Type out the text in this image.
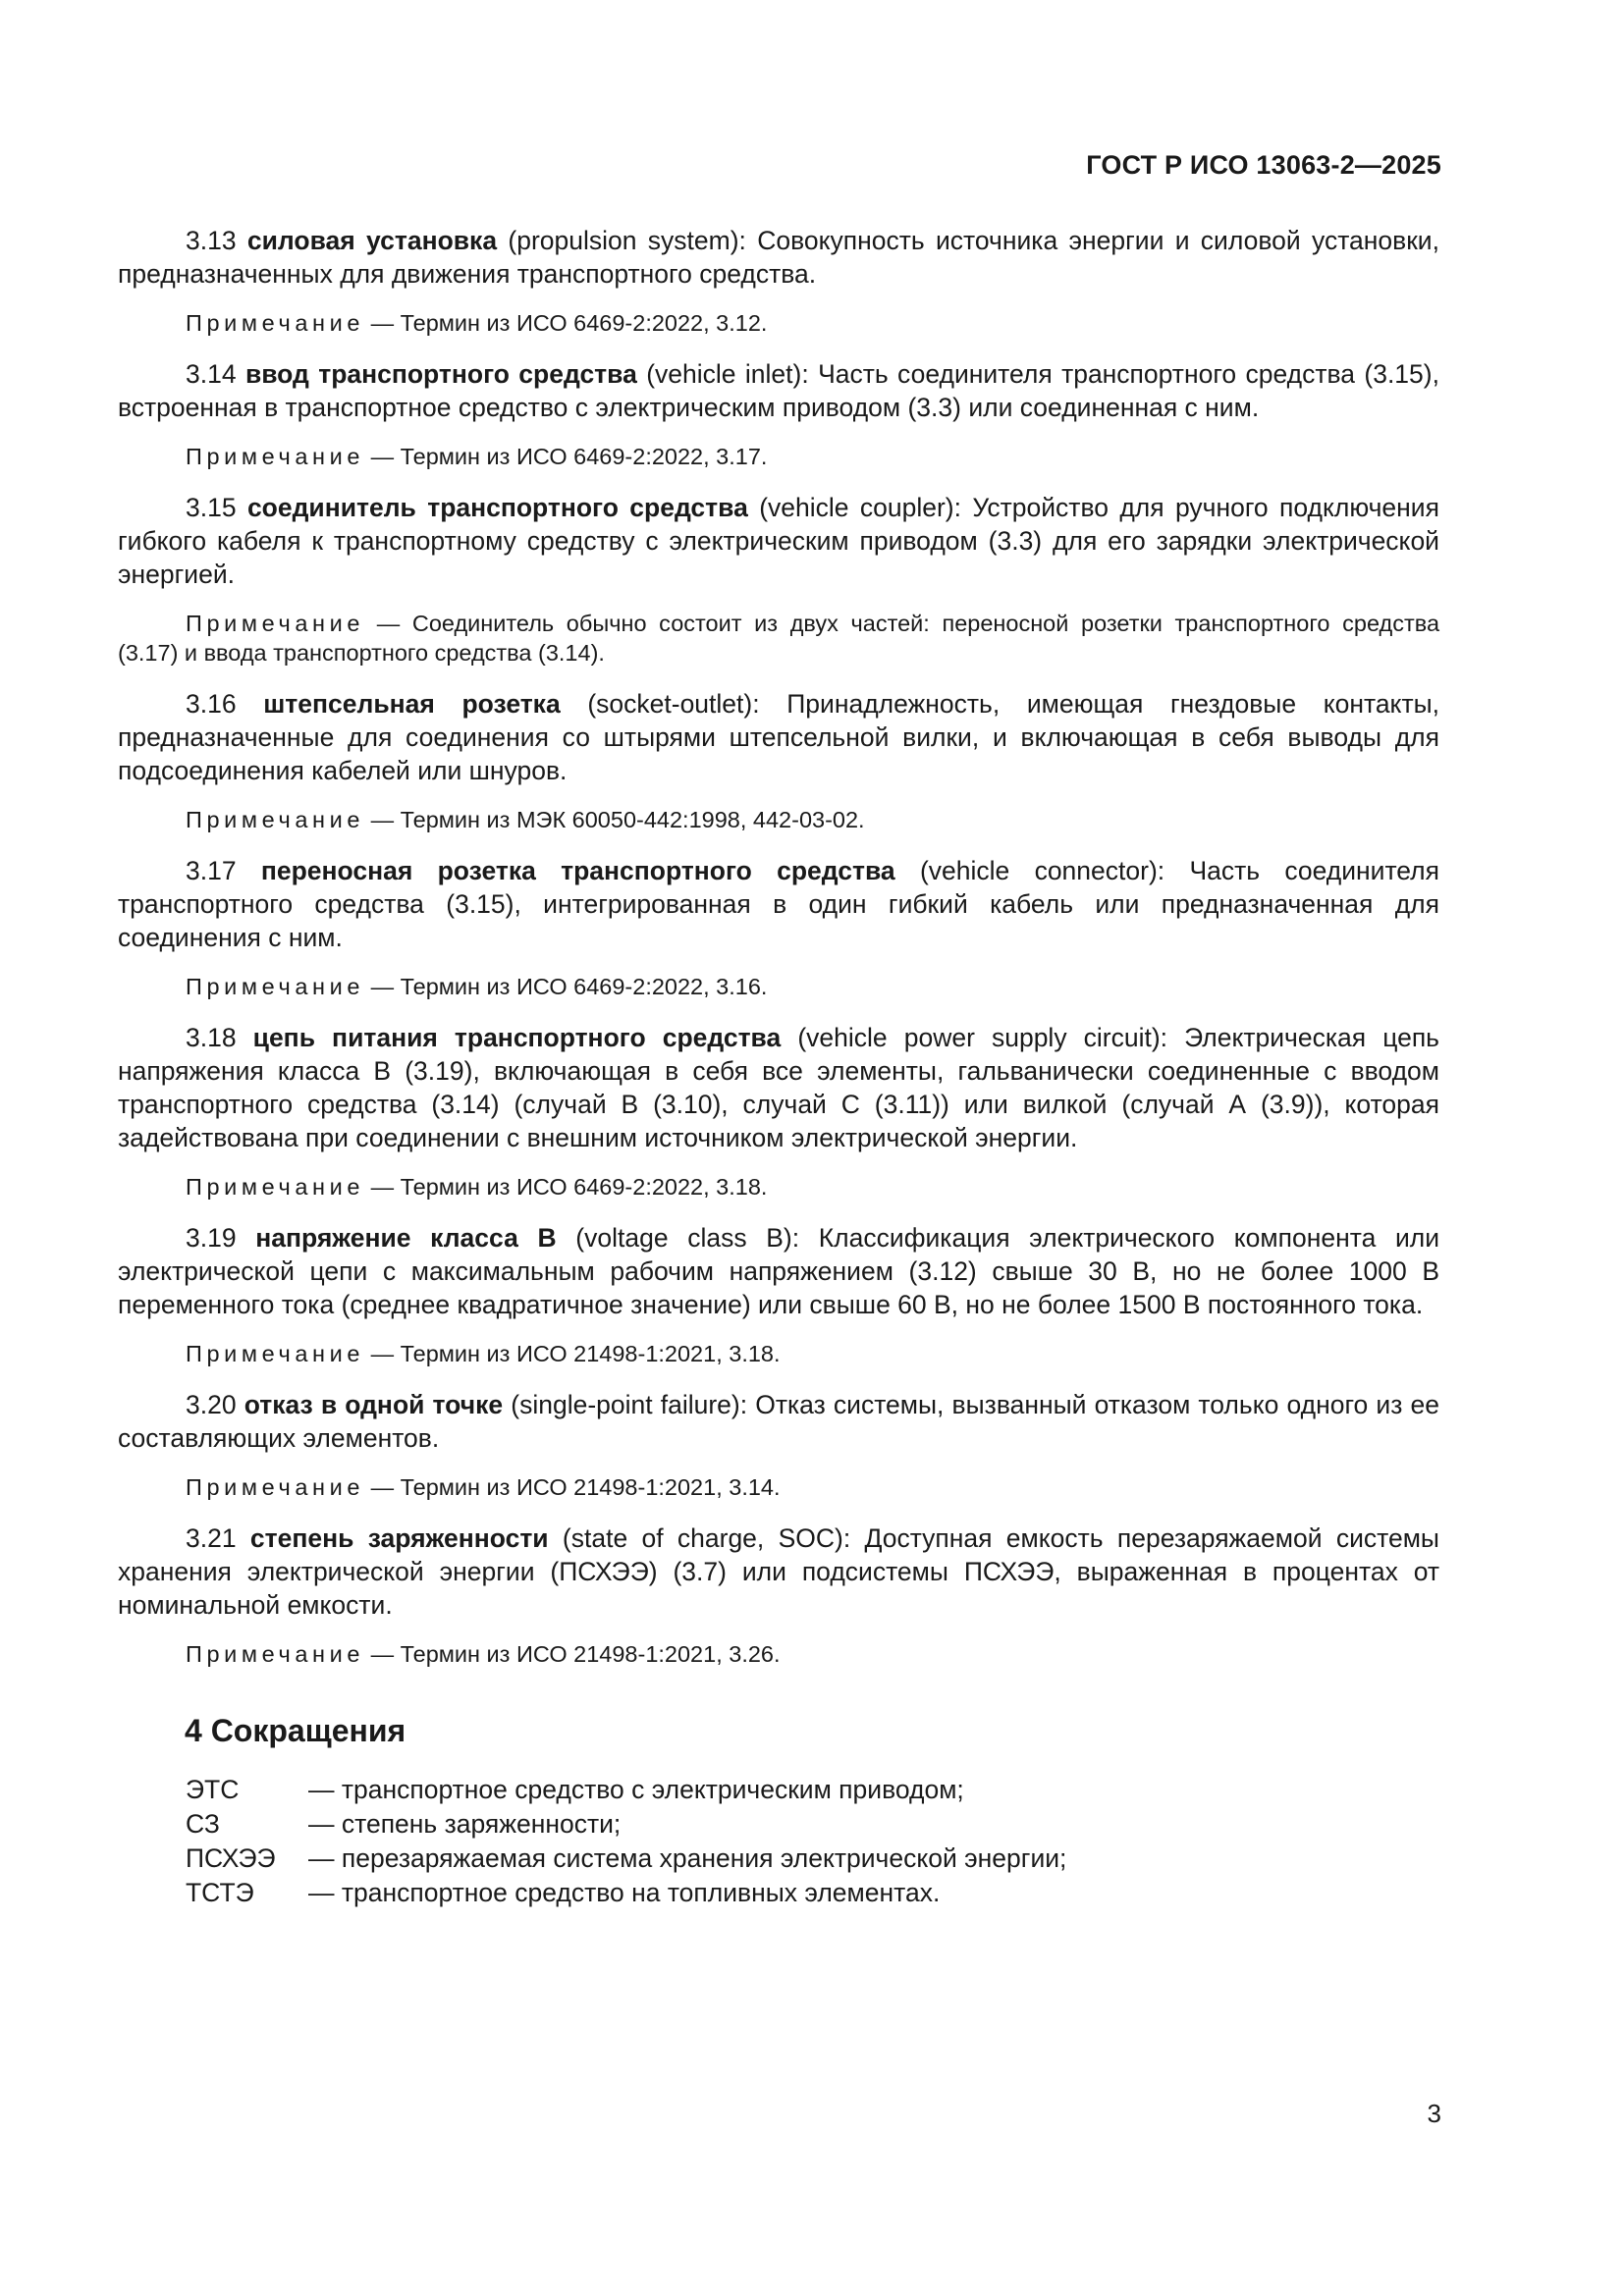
ГОСТ Р ИСО 13063-2—2025

3.13 силовая установка (propulsion system): Совокупность источника энергии и силовой установки, предназначенных для движения транспортного средства.

Примечание — Термин из ИСО 6469-2:2022, 3.12.

3.14 ввод транспортного средства (vehicle inlet): Часть соединителя транспортного средства (3.15), встроенная в транспортное средство с электрическим приводом (3.3) или соединенная с ним.

Примечание — Термин из ИСО 6469-2:2022, 3.17.

3.15 соединитель транспортного средства (vehicle coupler): Устройство для ручного подключения гибкого кабеля к транспортному средству с электрическим приводом (3.3) для его зарядки электрической энергией.

Примечание — Соединитель обычно состоит из двух частей: переносной розетки транспортного средства (3.17) и ввода транспортного средства (3.14).

3.16 штепсельная розетка (socket-outlet): Принадлежность, имеющая гнездовые контакты, предназначенные для соединения со штырями штепсельной вилки, и включающая в себя выводы для подсоединения кабелей или шнуров.

Примечание — Термин из МЭК 60050-442:1998, 442-03-02.

3.17 переносная розетка транспортного средства (vehicle connector): Часть соединителя транспортного средства (3.15), интегрированная в один гибкий кабель или предназначенная для соединения с ним.

Примечание — Термин из ИСО 6469-2:2022, 3.16.

3.18 цепь питания транспортного средства (vehicle power supply circuit): Электрическая цепь напряжения класса В (3.19), включающая в себя все элементы, гальванически соединенные с вводом транспортного средства (3.14) (случай В (3.10), случай С (3.11)) или вилкой (случай А (3.9)), которая задействована при соединении с внешним источником электрической энергии.

Примечание — Термин из ИСО 6469-2:2022, 3.18.

3.19 напряжение класса В (voltage class B): Классификация электрического компонента или электрической цепи с максимальным рабочим напряжением (3.12) свыше 30 В, но не более 1000 В переменного тока (среднее квадратичное значение) или свыше 60 В, но не более 1500 В постоянного тока.

Примечание — Термин из ИСО 21498-1:2021, 3.18.

3.20 отказ в одной точке (single-point failure): Отказ системы, вызванный отказом только одного из ее составляющих элементов.

Примечание — Термин из ИСО 21498-1:2021, 3.14.

3.21 степень заряженности (state of charge, SOC): Доступная емкость перезаряжаемой системы хранения электрической энергии (ПСХЭЭ) (3.7) или подсистемы ПСХЭЭ, выраженная в процентах от номинальной емкости.

Примечание — Термин из ИСО 21498-1:2021, 3.26.

4 Сокращения
ЭТС	— транспортное средство с электрическим приводом;
СЗ	— степень заряженности;
ПСХЭЭ	— перезаряжаемая система хранения электрической энергии;
ТСТЭ	— транспортное средство на топливных элементах.
3
